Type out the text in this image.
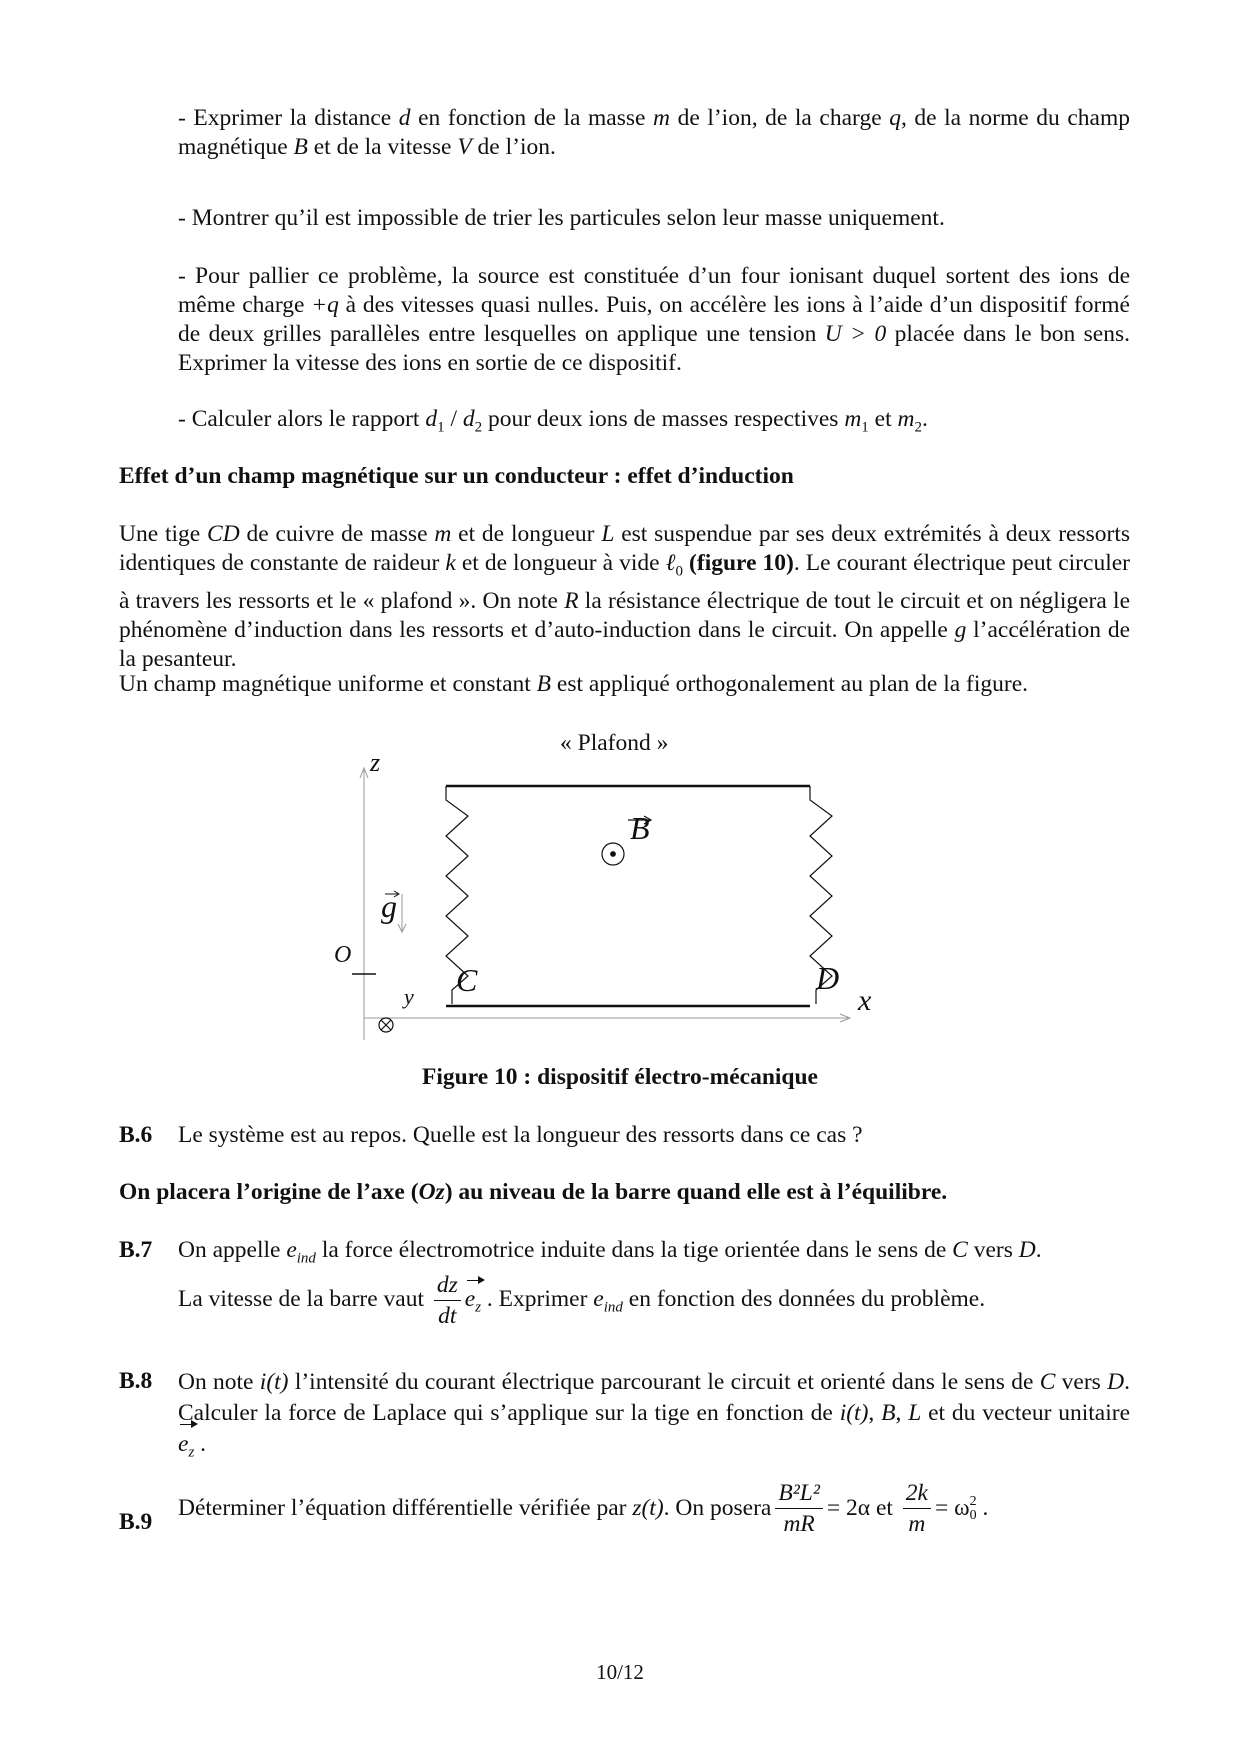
- Exprimer la distance d en fonction de la masse m de l’ion, de la charge q, de la norme du champ magnétique B et de la vitesse V de l’ion.

- Montrer qu’il est impossible de trier les particules selon leur masse uniquement.

- Pour pallier ce problème, la source est constituée d’un four ionisant duquel sortent des ions de même charge +q à des vitesses quasi nulles. Puis, on accélère les ions à l’aide d’un dispositif formé de deux grilles parallèles entre lesquelles on applique une tension U > 0 placée dans le bon sens. Exprimer la vitesse des ions en sortie de ce dispositif.

- Calculer alors le rapport $d_1 / d_2$ pour deux ions de masses respectives $m_1$ et $m_2$.

Effet d’un champ magnétique sur un conducteur : effet d’induction

Une tige CD de cuivre de masse m et de longueur L est suspendue par ses deux extrémités à deux ressorts identiques de constante de raideur k et de longueur à vide ℓ$_0$ (figure 10). Le courant électrique peut circuler à travers les ressorts et le « plafond ». On note R la résistance électrique de tout le circuit et on négligera le phénomène d’induction dans les ressorts et d’auto-induction dans le circuit. On appelle g l’accélération de la pesanteur.

Un champ magnétique uniforme et constant B est appliqué orthogonalement au plan de la figure.

« Plafond »
z
B
g
O
C	D
y	x
Figure 10 : dispositif électro-mécanique
B.6 Le système est au repos. Quelle est la longueur des ressorts dans ce cas ?

On placera l’origine de l’axe (Oz) au niveau de la barre quand elle est à l’équilibre.

B.7 On appelle $e_{ind}$ la force électromotrice induite dans la tige orientée dans le sens de C vers D.
La vitesse de la barre vaut $\frac{dz}{dt} e_z$ . Exprimer $e_{ind}$ en fonction des données du problème.
B.8 On note i(t) l’intensité du courant électrique parcourant le circuit et orienté dans le sens de C vers D. Calculer la force de Laplace qui s’applique sur la tige en fonction de i(t), B, L et du vecteur unitaire $e_z$ .
B.9
Déterminer l’équation différentielle vérifiée par z(t). On posera $\frac{\text{B²L²}}{mR} = 2\alpha$ et $\frac{2k}{m} = \omega$ 2
0 .
10/12
